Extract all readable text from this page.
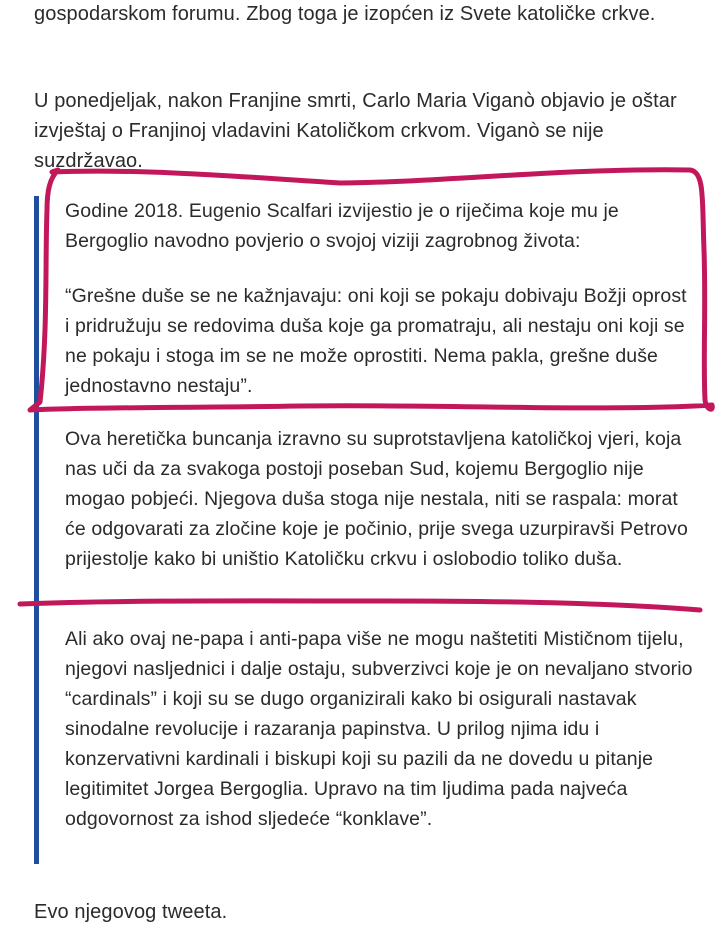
gospodarskom forumu. Zbog toga je izopćen iz Svete katoličke crkve.

U ponedjeljak, nakon Franjine smrti, Carlo Maria Viganò objavio je oštar izvještaj o Franjinoj vladavini Katoličkom crkvom. Viganò se nije suzdržavao.

Godine 2018. Eugenio Scalfari izvijestio je o riječima koje mu je Bergoglio navodno povjerio o svojoj viziji zagrobnog života:

“Grešne duše se ne kažnjavaju: oni koji se pokaju dobivaju Božji oprost i pridružuju se redovima duša koje ga promatraju, ali nestaju oni koji se ne pokaju i stoga im se ne može oprostiti. Nema pakla, grešne duše jednostavno nestaju”.

Ova heretička buncanja izravno su suprotstavljena katoličkoj vjeri, koja nas uči da za svakoga postoji poseban Sud, kojemu Bergoglio nije mogao pobjeći. Njegova duša stoga nije nestala, niti se raspala: morat će odgovarati za zločine koje je počinio, prije svega uzurpiravši Petrovo prijestolje kako bi uništio Katoličku crkvu i oslobodio toliko duša.

Ali ako ovaj ne-papa i anti-papa više ne mogu naštetiti Mističnom tijelu, njegovi nasljednici i dalje ostaju, subverzivci koje je on nevaljano stvorio “cardinals” i koji su se dugo organizirali kako bi osigurali nastavak sinodalne revolucije i razaranja papinstva. U prilog njima idu i konzervativni kardinali i biskupi koji su pazili da ne dovedu u pitanje legitimitet Jorgea Bergoglia. Upravo na tim ljudima pada najveća odgovornost za ishod sljedeće “konklave”.

Evo njegovog tweeta.
